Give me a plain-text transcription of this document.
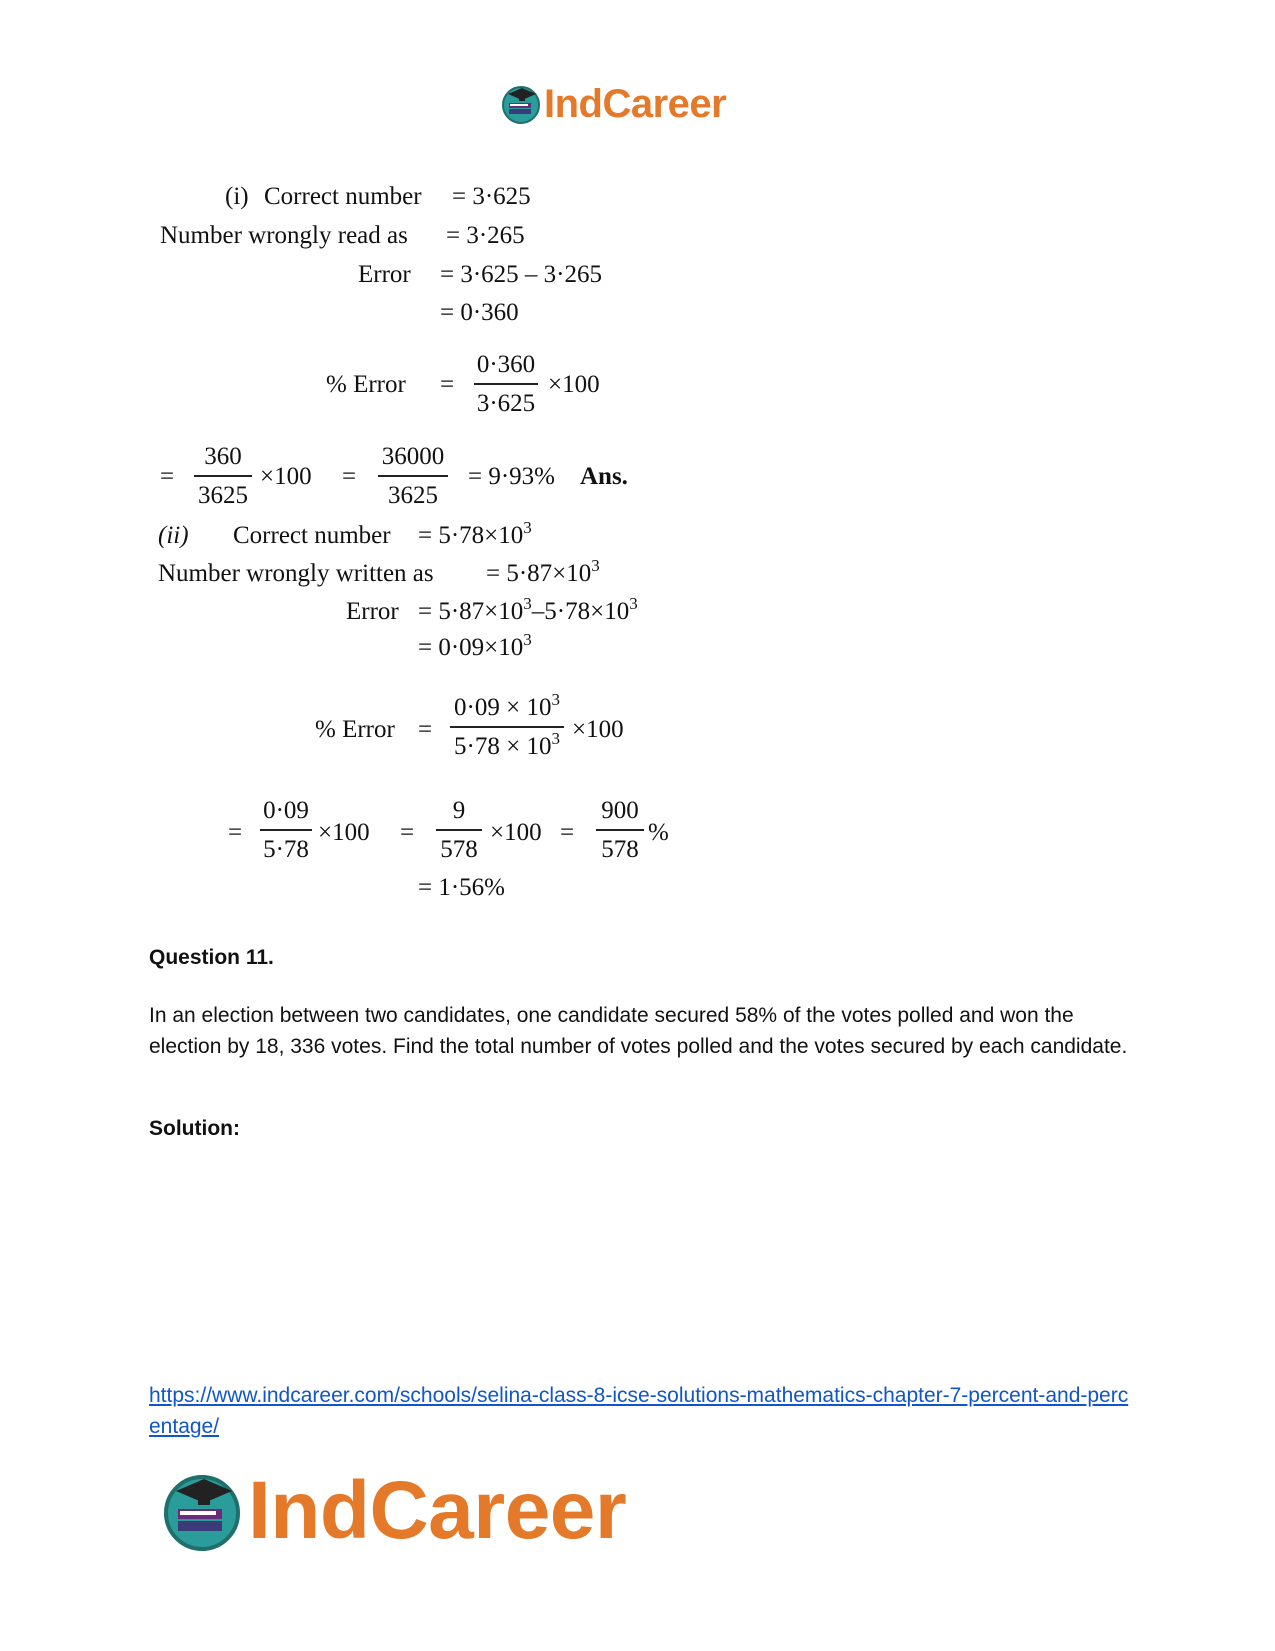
IndCareer
(i) Correct number = 3·625
Number wrongly read as = 3·265
Error = 3·625 – 3·265
= 0·360
% Error =
0·360
3·625
×100
=
360
3625
×100 =
36000
3625
= 9·93% Ans.
(ii) Correct number = $5\cdot 78\times 10^3$
Number wrongly written as = $5\cdot 87\times 10^3$
Error = $5\cdot 87\times 10^3-5\cdot 78\times 10^3$
= $0\cdot 09\times 10^3$
% Error =
$0\cdot 09 \times 10^3$
$5\cdot 78 \times 10^3 \times 100$
=
0·09
5·78
×100 =
9
578
×100 =
900
578
%
= 1·56%
Question 11.
In an election between two candidates, one candidate secured 58% of the votes polled and won the election by 18, 336 votes. Find the total number of votes polled and the votes secured by each candidate.
Solution:
https://www.indcareer.com/schools/selina-class-8-icse-solutions-mathematics-chapter-7-percent-and-percentage/
IndCareer
